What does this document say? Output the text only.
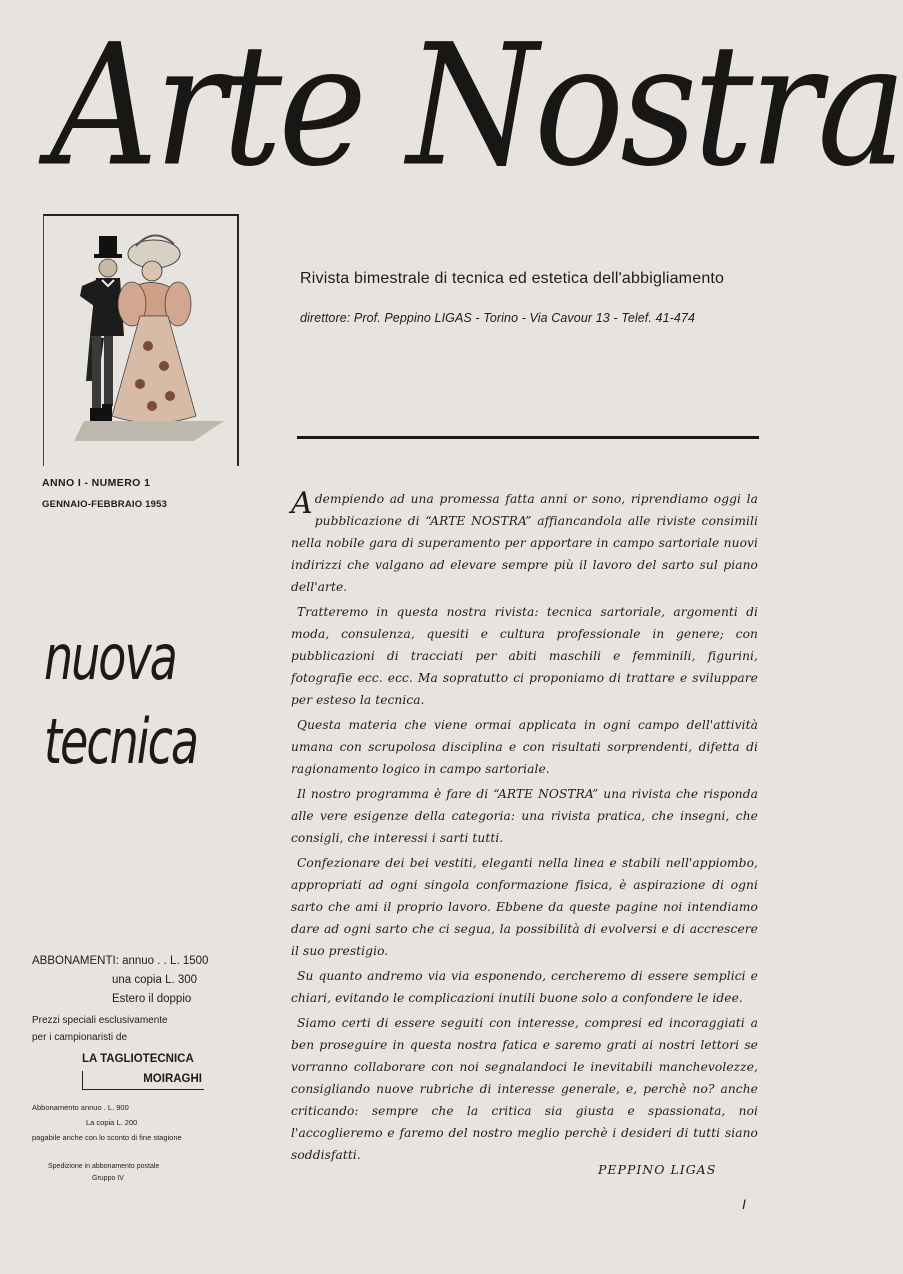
Arte Nostra
Rivista bimestrale di tecnica ed estetica dell'abbigliamento
direttore: Prof. Peppino LIGAS - Torino - Via Cavour 13 - Telef. 41-474
ANNO I - NUMERO 1
GENNAIO-FEBBRAIO 1953
nuova
tecnica
ABBONAMENTI: annuo . . L. 1500
una copia L. 300
Estero il doppio
Prezzi speciali esclusivamente
per i campionaristi de
LA TAGLIOTECNICA
MOIRAGHI
Abbonamento annuo . L. 900
La copia L. 200
pagabile anche con lo sconto di fine stagione
Spedizione in abbonamento postale
Gruppo IV

Adempiendo ad una promessa fatta anni or sono, riprendiamo oggi la pubblicazione di “ARTE NOSTRA” affiancandola alle riviste consimili nella nobile gara di superamento per apportare in campo sartoriale nuovi indirizzi che valgano ad elevare sempre più il lavoro del sarto sul piano dell'arte.

Tratteremo in questa nostra rivista: tecnica sartoriale, argomenti di moda, consulenza, quesiti e cultura professionale in genere; con pubblicazioni di tracciati per abiti maschili e femminili, figurini, fotografie ecc. ecc. Ma sopratutto ci proponiamo di trattare e sviluppare per esteso la tecnica.

Questa materia che viene ormai applicata in ogni campo dell'attività umana con scrupolosa disciplina e con risultati sorprendenti, difetta di ragionamento logico in campo sartoriale.

Il nostro programma è fare di “ARTE NOSTRA” una rivista che risponda alle vere esigenze della categoria: una rivista pratica, che insegni, che consigli, che interessi i sarti tutti.

Confezionare dei bei vestiti, eleganti nella linea e stabili nell'appiombo, appropriati ad ogni singola conformazione fisica, è aspirazione di ogni sarto che ami il proprio lavoro. Ebbene da queste pagine noi intendiamo dare ad ogni sarto che ci segua, la possibilità di evolversi e di accrescere il suo prestigio.

Su quanto andremo via via esponendo, cercheremo di essere semplici e chiari, evitando le complicazioni inutili buone solo a confondere le idee.

Siamo certi di essere seguiti con interesse, compresi ed incoraggiati a ben proseguire in questa nostra fatica e saremo grati ai nostri lettori se vorranno collaborare con noi segnalandoci le inevitabili manchevolezze, consigliando nuove rubriche di interesse generale, e, perchè no? anche criticando: sempre che la critica sia giusta e spassionata, noi l'accoglieremo e faremo del nostro meglio perchè i desideri di tutti siano soddisfatti.

PEPPINO LIGAS
I
